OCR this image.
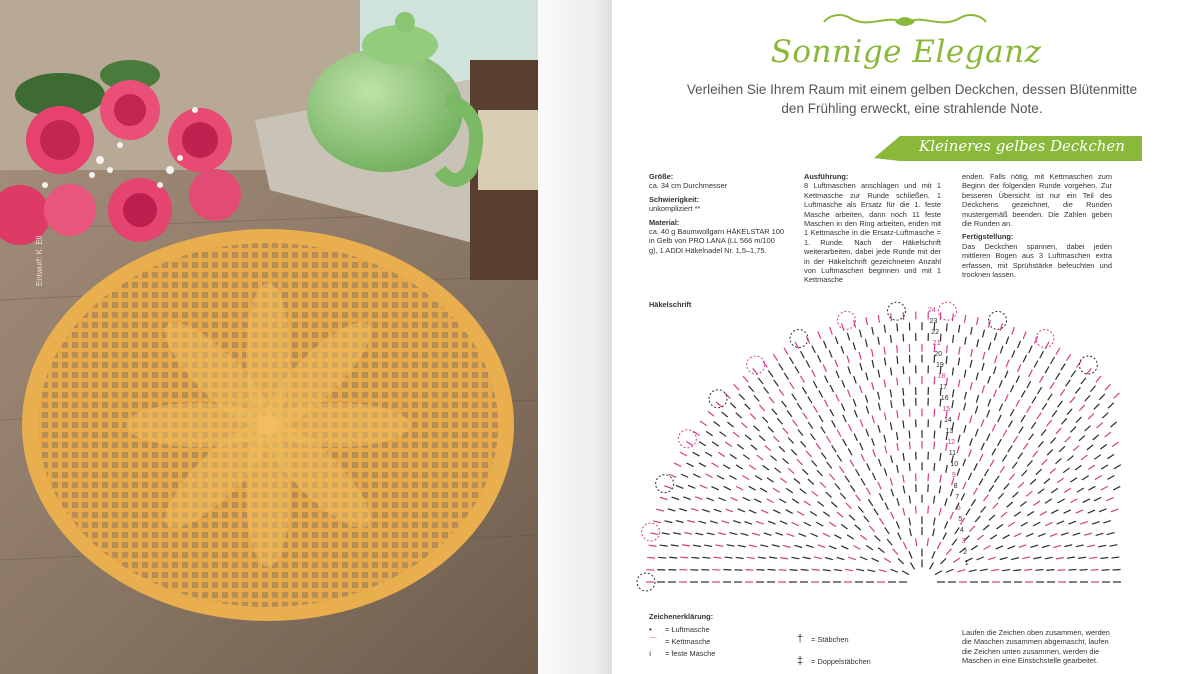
Entwurf: K. Ell
Sonnige Eleganz
Verleihen Sie Ihrem Raum mit einem gelben Deckchen, dessen Blütenmitte den Frühling erweckt, eine strahlende Note.
Kleineres gelbes Deckchen
Größe:
ca. 34 cm Durchmesser
Schwierigkeit:
unkompliziert **
Material:
ca. 40 g Baumwollgarn HÄKELSTAR 100 in Gelb von PRO LANA (LL 566 m/100 g), 1 ADDI Häkelnadel Nr. 1,5–1,75.
Ausführung:
8 Luftmaschen anschlagen und mit 1 Kettmasche zur Runde schließen. 1 Luftmasche als Ersatz für die 1. feste Masche arbeiten, dann noch 11 feste Maschen in den Ring arbeiten, enden mit 1 Kettmasche in die Ersatz-Luftmasche = 1. Runde. Nach der Häkelschrift weiterarbeiten, dabei jede Runde mit der in der Häkelschrift gezeichneten Anzahl von Luftmaschen beginnen und mit 1 Kettmasche
enden. Falls nötig, mit Kettmaschen zum Beginn der folgenden Runde vorgehen. Zur besseren Übersicht ist nur ein Teil des Deckchens gezeichnet, die Runden mustergemäß beenden. Die Zahlen geben die Runden an.
Fertigstellung:
Das Deckchen spannen, dabei jeden mittleren Bogen aus 3 Luftmaschen extra erfassen, mit Sprühstärke befeuchten und trocknen lassen.
Häkelschrift
24
23
22
21
20
19
18
17
16
15
14
13
12
11
10
9
8
7
6
5
4
3
2
1
Zeichenerklärung:
•	= Luftmasche
⌒	= Kettmasche
ı	= feste Masche
†	= Stäbchen
‡	= Doppelstäbchen
Laufen die Zeichen oben zusammen, werden die Maschen zusammen abgemascht, laufen die Zeichen unten zusammen, werden die Maschen in eine Einstichstelle gearbeitet.
